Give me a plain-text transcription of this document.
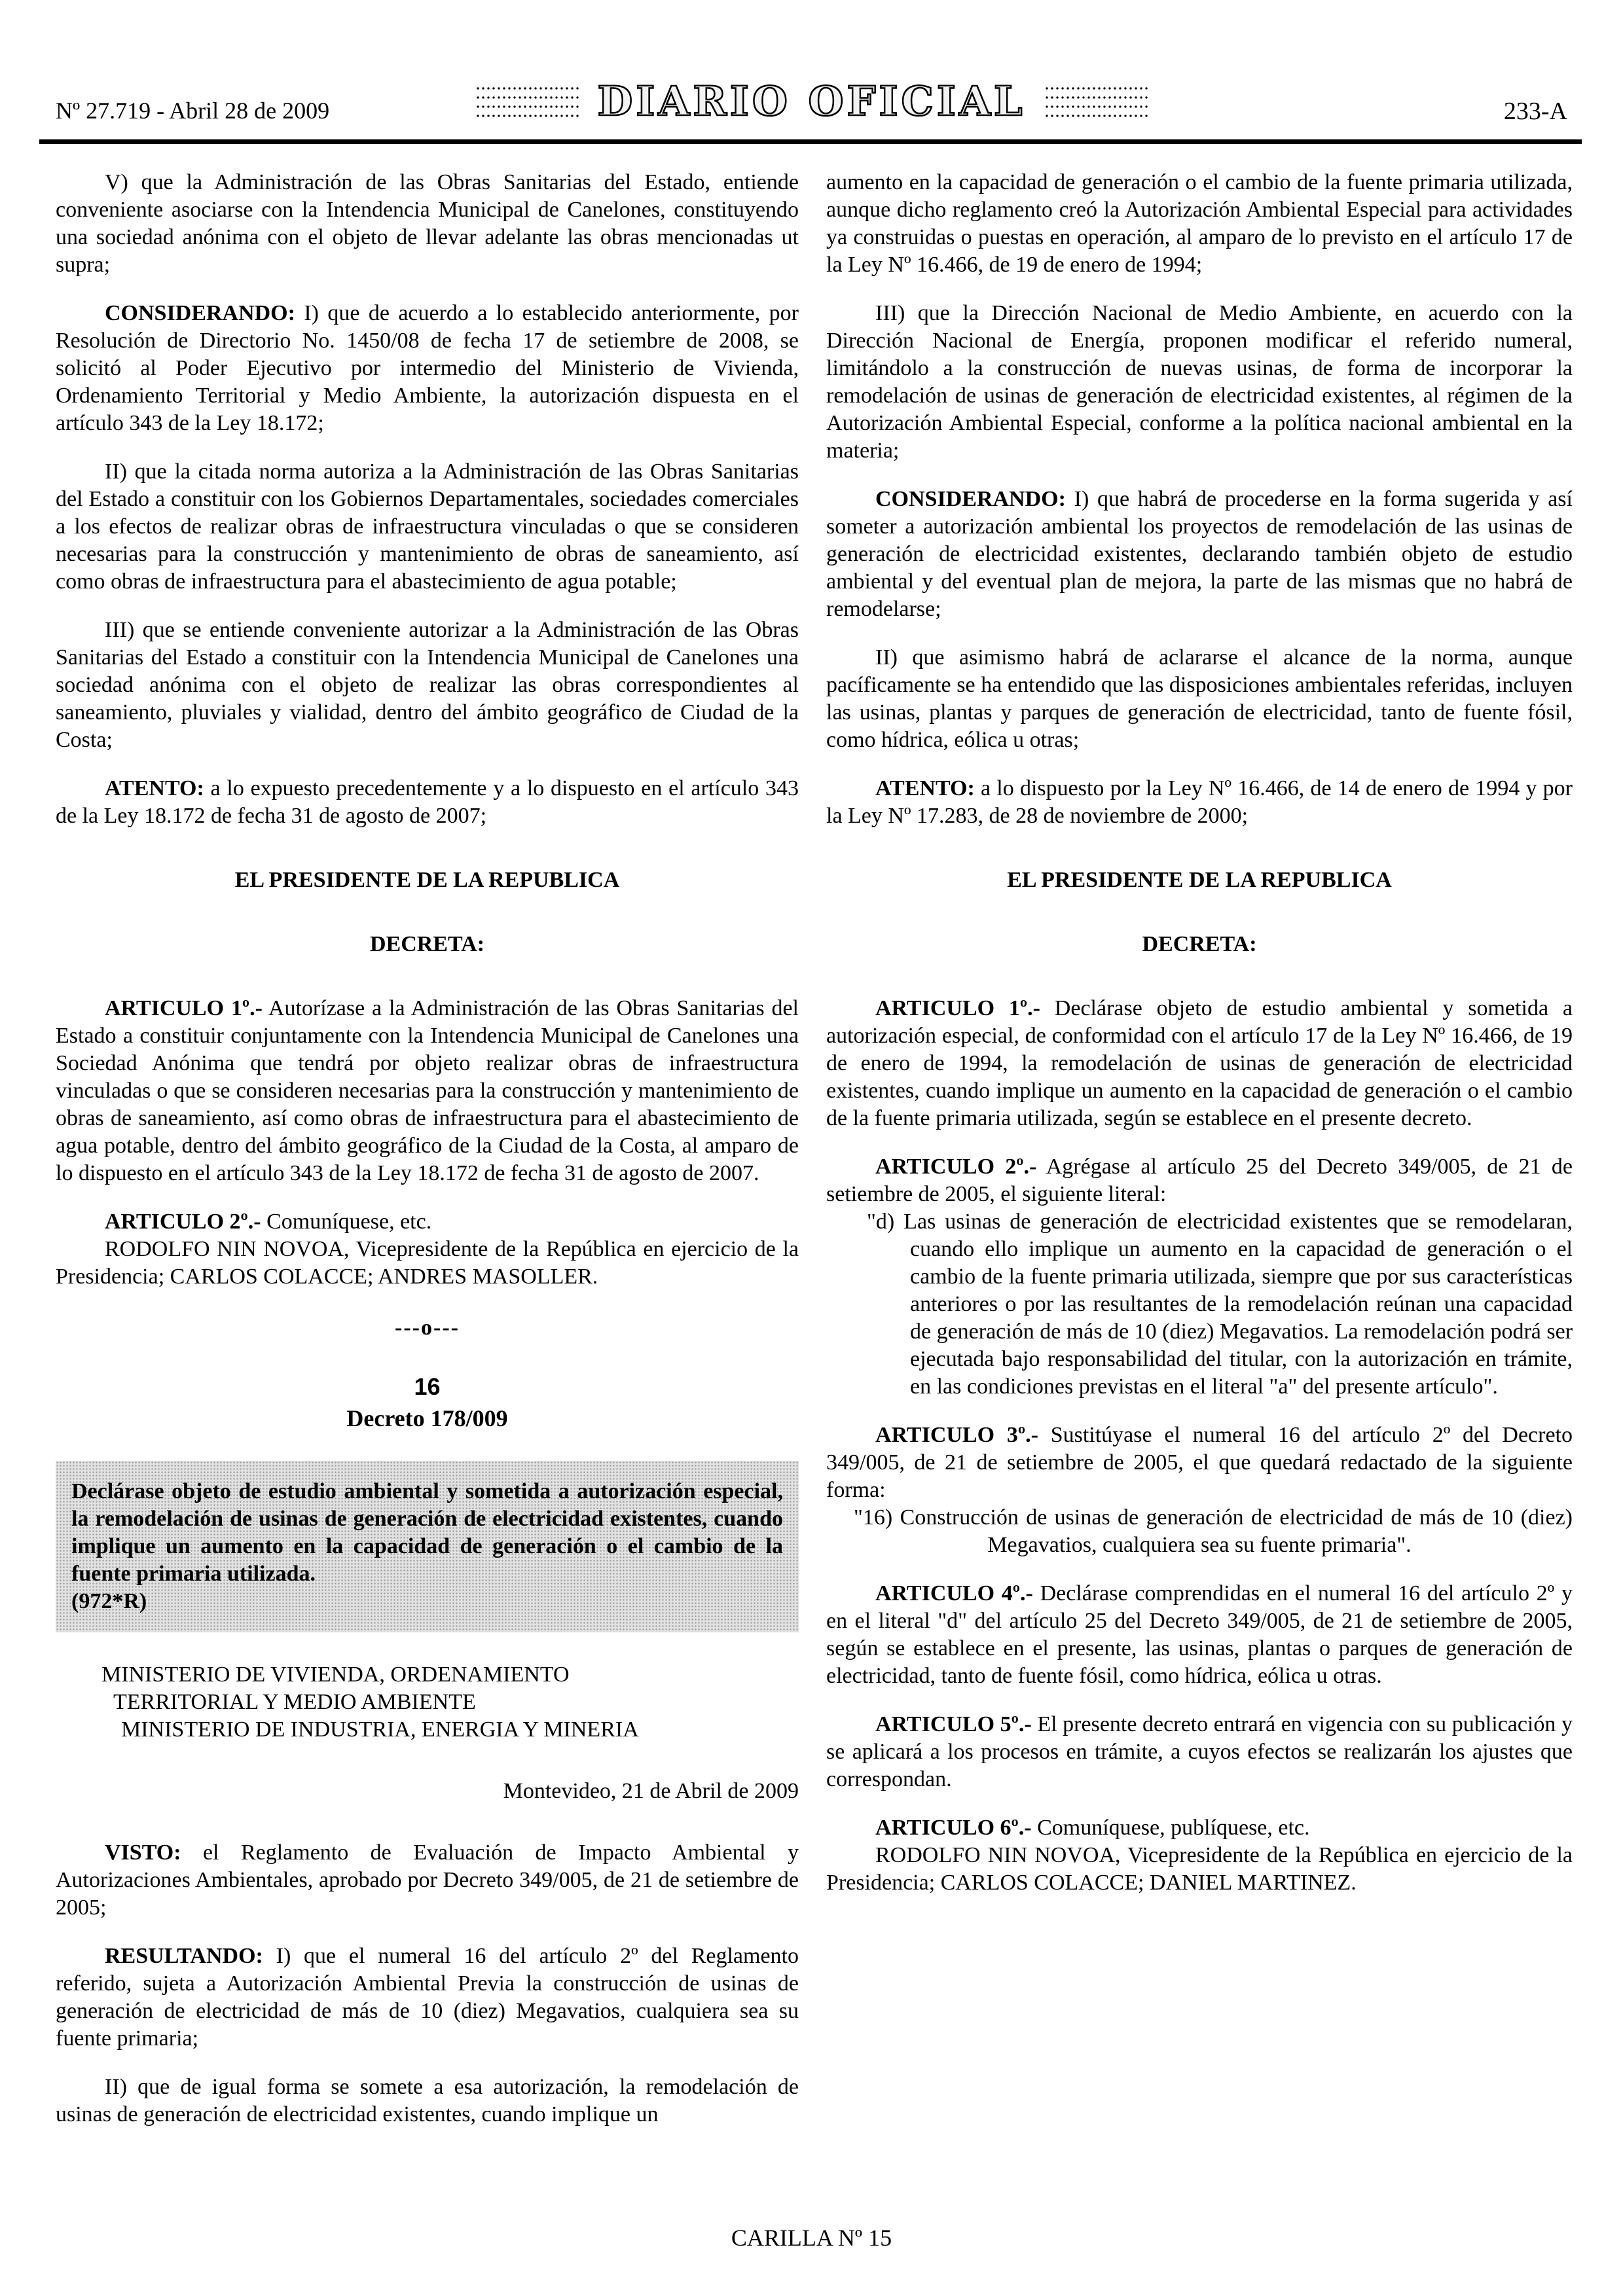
Nº 27.719 - Abril 28 de 2009	DIARIO OFICIAL	233-A

V) que la Administración de las Obras Sanitarias del Estado, entiende conveniente asociarse con la Intendencia Municipal de Canelones, constituyendo una sociedad anónima con el objeto de llevar adelante las obras mencionadas ut supra;

CONSIDERANDO: I) que de acuerdo a lo establecido anteriormente, por Resolución de Directorio No. 1450/08 de fecha 17 de setiembre de 2008, se solicitó al Poder Ejecutivo por intermedio del Ministerio de Vivienda, Ordenamiento Territorial y Medio Ambiente, la autorización dispuesta en el artículo 343 de la Ley 18.172;

II) que la citada norma autoriza a la Administración de las Obras Sanitarias del Estado a constituir con los Gobiernos Departamentales, sociedades comerciales a los efectos de realizar obras de infraestructura vinculadas o que se consideren necesarias para la construcción y mantenimiento de obras de saneamiento, así como obras de infraestructura para el abastecimiento de agua potable;

III) que se entiende conveniente autorizar a la Administración de las Obras Sanitarias del Estado a constituir con la Intendencia Municipal de Canelones una sociedad anónima con el objeto de realizar las obras correspondientes al saneamiento, pluviales y vialidad, dentro del ámbito geográfico de Ciudad de la Costa;

ATENTO: a lo expuesto precedentemente y a lo dispuesto en el artículo 343 de la Ley 18.172 de fecha 31 de agosto de 2007;

EL PRESIDENTE DE LA REPUBLICA

DECRETA:

ARTICULO 1º.- Autorízase a la Administración de las Obras Sanitarias del Estado a constituir conjuntamente con la Intendencia Municipal de Canelones una Sociedad Anónima que tendrá por objeto realizar obras de infraestructura vinculadas o que se consideren necesarias para la construcción y mantenimiento de obras de saneamiento, así como obras de infraestructura para el abastecimiento de agua potable, dentro del ámbito geográfico de la Ciudad de la Costa, al amparo de lo dispuesto en el artículo 343 de la Ley 18.172 de fecha 31 de agosto de 2007.

ARTICULO 2º.- Comuníquese, etc.

RODOLFO NIN NOVOA, Vicepresidente de la República en ejercicio de la Presidencia; CARLOS COLACCE; ANDRES MASOLLER.

---o---

16

Decreto 178/009

Declárase objeto de estudio ambiental y sometida a autorización especial, la remodelación de usinas de generación de electricidad existentes, cuando implique un aumento en la capacidad de generación o el cambio de la fuente primaria utilizada.
(972*R)
MINISTERIO DE VIVIENDA, ORDENAMIENTO
TERRITORIAL Y MEDIO AMBIENTE
MINISTERIO DE INDUSTRIA, ENERGIA Y MINERIA

Montevideo, 21 de Abril de 2009

VISTO: el Reglamento de Evaluación de Impacto Ambiental y Autorizaciones Ambientales, aprobado por Decreto 349/005, de 21 de setiembre de 2005;

RESULTANDO: I) que el numeral 16 del artículo 2º del Reglamento referido, sujeta a Autorización Ambiental Previa la construcción de usinas de generación de electricidad de más de 10 (diez) Megavatios, cualquiera sea su fuente primaria;

II) que de igual forma se somete a esa autorización, la remodelación de usinas de generación de electricidad existentes, cuando implique un

aumento en la capacidad de generación o el cambio de la fuente primaria utilizada, aunque dicho reglamento creó la Autorización Ambiental Especial para actividades ya construidas o puestas en operación, al amparo de lo previsto en el artículo 17 de la Ley Nº 16.466, de 19 de enero de 1994;

III) que la Dirección Nacional de Medio Ambiente, en acuerdo con la Dirección Nacional de Energía, proponen modificar el referido numeral, limitándolo a la construcción de nuevas usinas, de forma de incorporar la remodelación de usinas de generación de electricidad existentes, al régimen de la Autorización Ambiental Especial, conforme a la política nacional ambiental en la materia;

CONSIDERANDO: I) que habrá de procederse en la forma sugerida y así someter a autorización ambiental los proyectos de remodelación de las usinas de generación de electricidad existentes, declarando también objeto de estudio ambiental y del eventual plan de mejora, la parte de las mismas que no habrá de remodelarse;

II) que asimismo habrá de aclararse el alcance de la norma, aunque pacíficamente se ha entendido que las disposiciones ambientales referidas, incluyen las usinas, plantas y parques de generación de electricidad, tanto de fuente fósil, como hídrica, eólica u otras;

ATENTO: a lo dispuesto por la Ley Nº 16.466, de 14 de enero de 1994 y por la Ley Nº 17.283, de 28 de noviembre de 2000;

EL PRESIDENTE DE LA REPUBLICA

DECRETA:

ARTICULO 1º.- Declárase objeto de estudio ambiental y sometida a autorización especial, de conformidad con el artículo 17 de la Ley Nº 16.466, de 19 de enero de 1994, la remodelación de usinas de generación de electricidad existentes, cuando implique un aumento en la capacidad de generación o el cambio de la fuente primaria utilizada, según se establece en el presente decreto.

ARTICULO 2º.- Agrégase al artículo 25 del Decreto 349/005, de 21 de setiembre de 2005, el siguiente literal:

"d) Las usinas de generación de electricidad existentes que se remodelaran, cuando ello implique un aumento en la capacidad de generación o el cambio de la fuente primaria utilizada, siempre que por sus características anteriores o por las resultantes de la remodelación reúnan una capacidad de generación de más de 10 (diez) Megavatios. La remodelación podrá ser ejecutada bajo responsabilidad del titular, con la autorización en trámite, en las condiciones previstas en el literal "a" del presente artículo".

ARTICULO 3º.- Sustitúyase el numeral 16 del artículo 2º del Decreto 349/005, de 21 de setiembre de 2005, el que quedará redactado de la siguiente forma:

"16) Construcción de usinas de generación de electricidad de más de 10 (diez) Megavatios, cualquiera sea su fuente primaria".

ARTICULO 4º.- Declárase comprendidas en el numeral 16 del artículo 2º y en el literal "d" del artículo 25 del Decreto 349/005, de 21 de setiembre de 2005, según se establece en el presente, las usinas, plantas o parques de generación de electricidad, tanto de fuente fósil, como hídrica, eólica u otras.

ARTICULO 5º.- El presente decreto entrará en vigencia con su publicación y se aplicará a los procesos en trámite, a cuyos efectos se realizarán los ajustes que correspondan.

ARTICULO 6º.- Comuníquese, publíquese, etc.

RODOLFO NIN NOVOA, Vicepresidente de la República en ejercicio de la Presidencia; CARLOS COLACCE; DANIEL MARTINEZ.

CARILLA Nº 15
